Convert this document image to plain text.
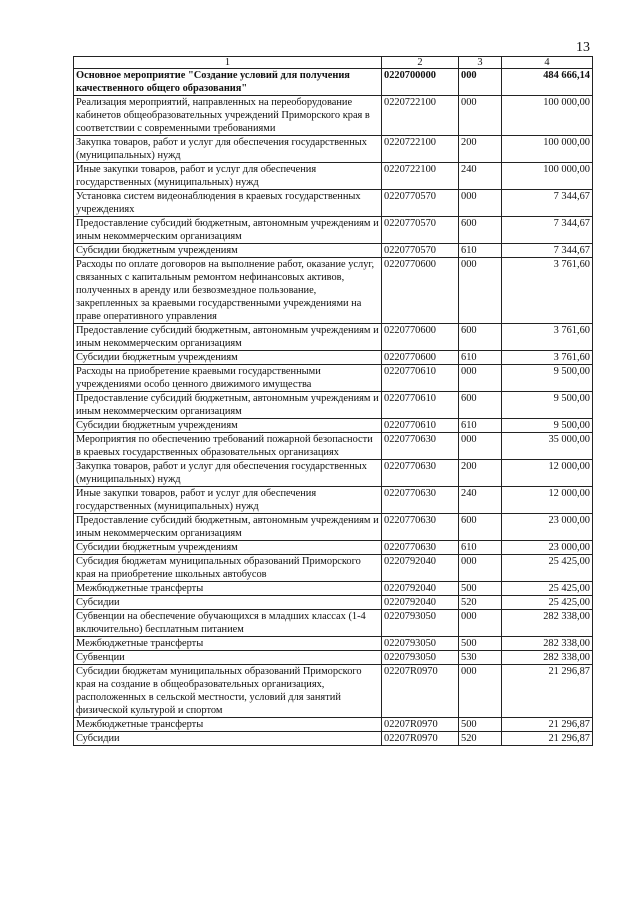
13
1	2	3	4
Основное мероприятие "Создание условий для получения качественного общего образования"	0220700000	000	484 666,14
Реализация мероприятий, направленных на переоборудование кабинетов общеобразовательных учреждений Приморского края в соответствии с современными требованиями	0220722100	000	100 000,00
Закупка товаров, работ и услуг для обеспечения государственных (муниципальных) нужд	0220722100	200	100 000,00
Иные закупки товаров, работ и услуг для обеспечения государственных (муниципальных) нужд	0220722100	240	100 000,00
Установка систем видеонаблюдения в краевых государственных учреждениях	0220770570	000	7 344,67
Предоставление субсидий бюджетным, автономным учреждениям и иным некоммерческим организациям	0220770570	600	7 344,67
Субсидии бюджетным учреждениям	0220770570	610	7 344,67
Расходы по оплате договоров на выполнение работ, оказание услуг, связанных с капитальным ремонтом нефинансовых активов, полученных в аренду или безвозмездное пользование, закрепленных за краевыми государственными учреждениями на праве оперативного управления	0220770600	000	3 761,60
Предоставление субсидий бюджетным, автономным учреждениям и иным некоммерческим организациям	0220770600	600	3 761,60
Субсидии бюджетным учреждениям	0220770600	610	3 761,60
Расходы на приобретение краевыми государственными учреждениями особо ценного движимого имущества	0220770610	000	9 500,00
Предоставление субсидий бюджетным, автономным учреждениям и иным некоммерческим организациям	0220770610	600	9 500,00
Субсидии бюджетным учреждениям	0220770610	610	9 500,00
Мероприятия по обеспечению требований пожарной безопасности в краевых государственных образовательных организациях	0220770630	000	35 000,00
Закупка товаров, работ и услуг для обеспечения государственных (муниципальных) нужд	0220770630	200	12 000,00
Иные закупки товаров, работ и услуг для обеспечения государственных (муниципальных) нужд	0220770630	240	12 000,00
Предоставление субсидий бюджетным, автономным учреждениям и иным некоммерческим организациям	0220770630	600	23 000,00
Субсидии бюджетным учреждениям	0220770630	610	23 000,00
Субсидия бюджетам муниципальных образований Приморского края на приобретение школьных автобусов	0220792040	000	25 425,00
Межбюджетные трансферты	0220792040	500	25 425,00
Субсидии	0220792040	520	25 425,00
Субвенции на обеспечение обучающихся в младших классах (1-4 включительно) бесплатным питанием	0220793050	000	282 338,00
Межбюджетные трансферты	0220793050	500	282 338,00
Субвенции	0220793050	530	282 338,00
Субсидии бюджетам муниципальных образований Приморского края на создание в общеобразовательных организациях, расположенных в сельской местности, условий для занятий физической культурой и спортом	02207R0970	000	21 296,87
Межбюджетные трансферты	02207R0970	500	21 296,87
Субсидии	02207R0970	520	21 296,87
